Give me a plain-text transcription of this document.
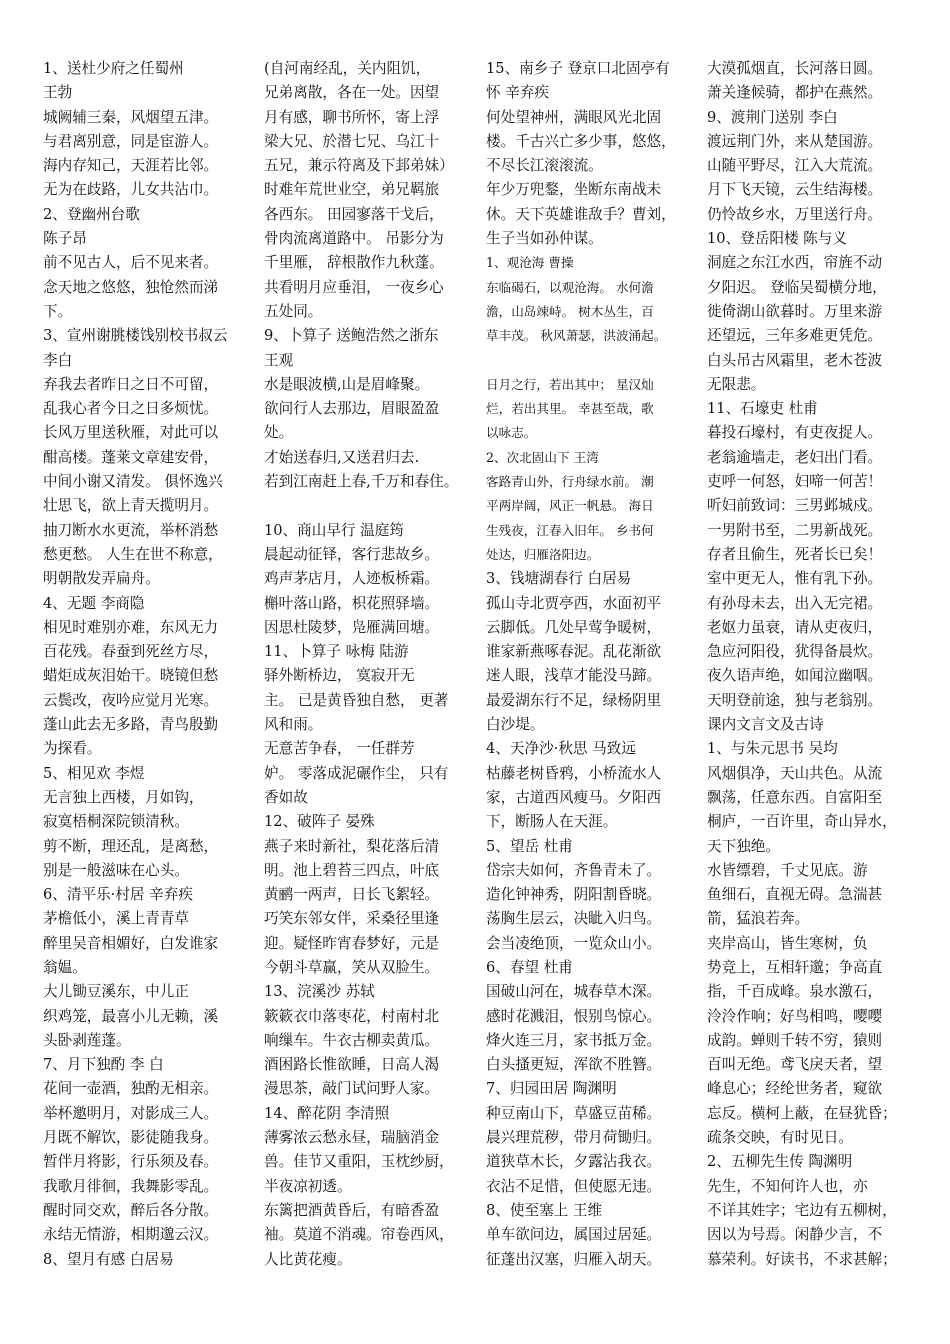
1、送杜少府之任蜀州
王勃
城阙辅三秦，风烟望五津。
与君离别意，同是宦游人。
海内存知己，天涯若比邻。
无为在歧路，儿女共沾巾。
2、登幽州台歌
陈子昂
前不见古人，后不见来者。
念天地之悠悠，独怆然而涕
下。
3、宣州谢朓楼饯别校书叔云
李白
弃我去者昨日之日不可留，
乱我心者今日之日多烦忧。
长风万里送秋雁，对此可以
酣高楼。蓬莱文章建安骨，
中间小谢又清发。 俱怀逸兴
壮思飞，欲上青天揽明月。
抽刀断水水更流，举杯消愁
愁更愁。 人生在世不称意，
明朝散发弄扁舟。
4、无题 李商隐
相见时难别亦难，东风无力
百花残。春蚕到死丝方尽，
蜡炬成灰泪始干。晓镜但愁
云鬓改，夜吟应觉月光寒。
蓬山此去无多路，青鸟殷勤
为探看。
5、相见欢 李煜
无言独上西楼，月如钩，
寂寞梧桐深院锁清秋。
剪不断，理还乱，是离愁，
别是一般滋味在心头。
6、清平乐·村居 辛弃疾
茅檐低小，溪上青青草
醉里吴音相媚好，白发谁家
翁媪。
大儿锄豆溪东，中儿正
织鸡笼，最喜小儿无赖，溪
头卧剥莲蓬。
7、月下独酌 李 白
花间一壶酒，独酌无相亲。
举杯邀明月，对影成三人。
月既不解饮，影徒随我身。
暂伴月将影，行乐须及春。
我歌月徘徊，我舞影零乱。
醒时同交欢，醉后各分散。
永结无情游，相期邈云汉。
8、望月有感 白居易
(自河南经乱，关内阻饥，
兄弟离散，各在一处。因望
月有感，聊书所怀，寄上浮
梁大兄、於潜七兄、乌江十
五兄，兼示符离及下邽弟妹）
时难年荒世业空，弟兄羁旅
各西东。 田园寥落干戈后，
骨肉流离道路中。 吊影分为
千里雁， 辞根散作九秋蓬。
共看明月应垂泪， 一夜乡心
五处同。
9、卜算子 送鲍浩然之浙东
王观
水是眼波横,山是眉峰聚。
欲问行人去那边，眉眼盈盈
处。
才始送春归,又送君归去.
若到江南赶上春,千万和春住。
10、商山早行 温庭筠
晨起动征铎，客行悲故乡。
鸡声茅店月，人迹板桥霜。
槲叶落山路，枳花照驿墙。
因思杜陵梦，凫雁满回塘。
11、卜算子 咏梅 陆游
驿外断桥边， 寞寂开无
主。 已是黄昏独自愁， 更著
风和雨。
无意苦争春， 一任群芳
妒。 零落成泥碾作尘， 只有
香如故
12、破阵子 晏殊
燕子来时新社，梨花落后清
明。池上碧苔三四点，叶底
黄鹂一两声，日长飞絮轻。
巧笑东邻女伴，采桑径里逢
迎。疑怪昨宵春梦好，元是
今朝斗草赢，笑从双脸生。
13、浣溪沙 苏轼
簌簌衣巾落枣花，村南村北
响缫车。牛衣古柳卖黄瓜。
酒困路长惟欲睡，日高人渴
漫思茶，敲门试问野人家。
14、醉花阴 李清照
薄雾浓云愁永昼，瑞脑消金
兽。佳节又重阳，玉枕纱厨，
半夜凉初透。
东篱把酒黄昏后，有暗香盈
袖。莫道不消魂。帘卷西风，
人比黄花瘦。
15、南乡子 登京口北固亭有
怀 辛弃疾
何处望神州，满眼风光北固
楼。千古兴亡多少事，悠悠，
不尽长江滚滚流。
年少万兜鍪，坐断东南战未
休。天下英雄谁敌手？曹刘，
生子当如孙仲谋。
1、观沧海 曹操
东临碣石，以观沧海。 水何澹
澹，山岛竦峙。 树木丛生，百
草丰茂。 秋风萧瑟，洪波涌起。
日月之行，若出其中； 星汉灿
烂，若出其里。 幸甚至哉，歌
以咏志。
2、次北固山下 王湾
客路青山外，行舟绿水前。 潮
平两岸阔，风正一帆悬。 海日
生残夜，江春入旧年。 乡书何
处达，归雁洛阳边。
3、钱塘湖春行 白居易
孤山寺北贾亭西，水面初平
云脚低。几处早莺争暖树，
谁家新燕啄春泥。乱花渐欲
迷人眼，浅草才能没马蹄。
最爱湖东行不足，绿杨阴里
白沙堤。
4、天净沙·秋思 马致远
枯藤老树昏鸦，小桥流水人
家，古道西风瘦马。夕阳西
下，断肠人在天涯。
5、望岳 杜甫
岱宗夫如何，齐鲁青未了。
造化钟神秀，阴阳割昏晓。
荡胸生层云，决眦入归鸟。
会当凌绝顶，一览众山小。
6、春望 杜甫
国破山河在，城春草木深。
感时花溅泪，恨别鸟惊心。
烽火连三月，家书抵万金。
白头搔更短，浑欲不胜簪。
7、归园田居 陶渊明
种豆南山下，草盛豆苗稀。
晨兴理荒秽，带月荷锄归。
道狭草木长，夕露沾我衣。
衣沾不足惜，但使愿无违。
8、使至塞上 王维
单车欲问边，属国过居延。
征蓬出汉塞，归雁入胡天。
大漠孤烟直，长河落日圆。
萧关逢候骑，都护在燕然。
9、渡荆门送别 李白
渡远荆门外，来从楚国游。
山随平野尽，江入大荒流。
月下飞天镜，云生结海楼。
仍怜故乡水，万里送行舟。
10、登岳阳楼 陈与义
洞庭之东江水西，帘旌不动
夕阳迟。 登临吴蜀横分地，
徙倚湖山欲暮时。万里来游
还望远，三年多难更凭危。
白头吊古风霜里，老木苍波
无限悲。
11、石壕吏 杜甫
暮投石壕村，有吏夜捉人。
老翁逾墙走，老妇出门看。
吏呼一何怒，妇啼一何苦！
听妇前致词：三男邺城戍。
一男附书至，二男新战死。
存者且偷生，死者长已矣！
室中更无人，惟有乳下孙。
有孙母未去，出入无完裙。
老妪力虽衰，请从吏夜归，
急应河阳役，犹得备晨炊。
夜久语声绝，如闻泣幽咽。
天明登前途，独与老翁别。
课内文言文及古诗
1、与朱元思书 吴均
风烟俱净，天山共色。从流
飘荡，任意东西。自富阳至
桐庐，一百许里，奇山异水，
天下独绝。
水皆缥碧，千丈见底。游
鱼细石，直视无碍。急湍甚
箭，猛浪若奔。
夹岸高山，皆生寒树，负
势竞上，互相轩邈；争高直
指，千百成峰。泉水激石，
泠泠作响；好鸟相鸣，嘤嘤
成韵。蝉则千转不穷，猿则
百叫无绝。鸢飞戾天者，望
峰息心；经纶世务者，窥欲
忘反。横柯上蔽，在昼犹昏；
疏条交映，有时见日。
2、五柳先生传 陶渊明
先生，不知何许人也，亦
不详其姓字；宅边有五柳树，
因以为号焉。闲静少言，不
慕荣利。好读书，不求甚解；
